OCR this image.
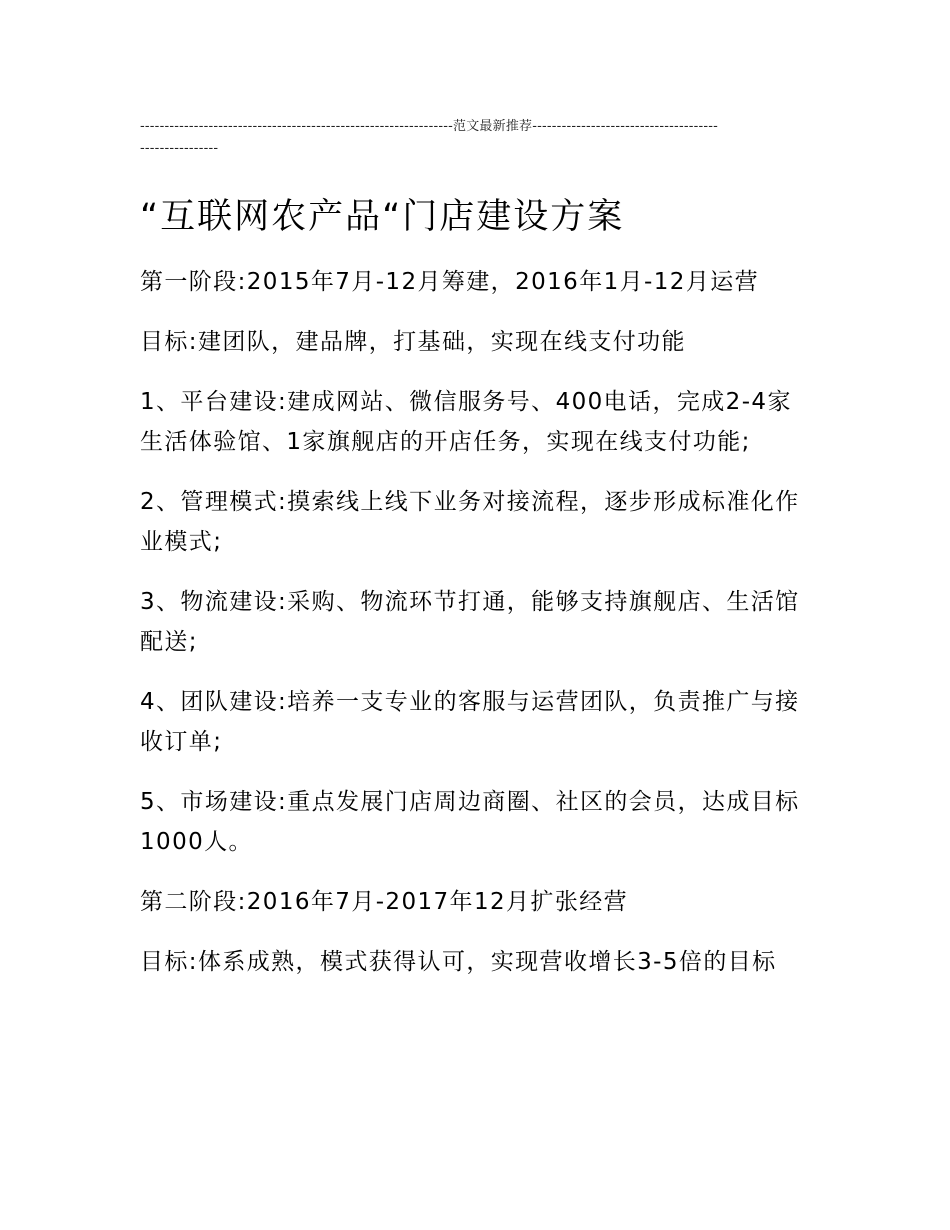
----------------------------------------------------------------范文最新推荐------------------------------------------------------
“互联网农产品“门店建设方案

第一阶段:2015年7月-12月筹建，2016年1月-12月运营

目标:建团队，建品牌，打基础，实现在线支付功能

1、平台建设:建成网站、微信服务号、400电话，完成2-4家生活体验馆、1家旗舰店的开店任务，实现在线支付功能;

2、管理模式:摸索线上线下业务对接流程，逐步形成标准化作业模式;

3、物流建设:采购、物流环节打通，能够支持旗舰店、生活馆配送;

4、团队建设:培养一支专业的客服与运营团队，负责推广与接收订单;

5、市场建设:重点发展门店周边商圈、社区的会员，达成目标1000人。

第二阶段:2016年7月-2017年12月扩张经营

目标:体系成熟，模式获得认可，实现营收增长3-5倍的目标
